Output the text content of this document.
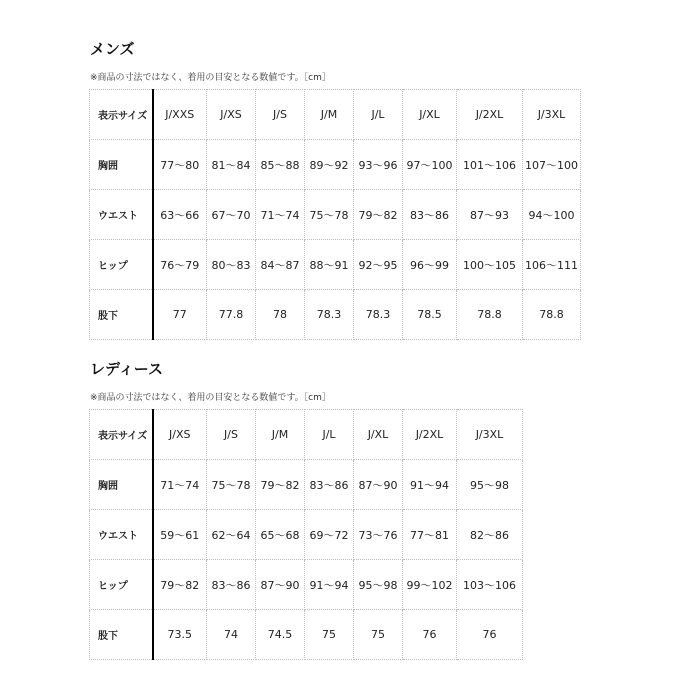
メンズ
※商品の寸法ではなく、着用の目安となる数値です。［cm］
表示サイズ	J/XXS	J/XS	J/S	J/M	J/L	J/XL	J/2XL	J/3XL
胸囲	77〜80	81〜84	85〜88	89〜92	93〜96	97〜100	101〜106	107〜100
ウエスト	63〜66	67〜70	71〜74	75〜78	79〜82	83〜86	87〜93	94〜100
ヒップ	76〜79	80〜83	84〜87	88〜91	92〜95	96〜99	100〜105	106〜111
股下	77	77.8	78	78.3	78.3	78.5	78.8	78.8
レディース
※商品の寸法ではなく、着用の目安となる数値です。［cm］
表示サイズ	J/XS	J/S	J/M	J/L	J/XL	J/2XL	J/3XL
胸囲	71〜74	75〜78	79〜82	83〜86	87〜90	91〜94	95〜98
ウエスト	59〜61	62〜64	65〜68	69〜72	73〜76	77〜81	82〜86
ヒップ	79〜82	83〜86	87〜90	91〜94	95〜98	99〜102	103〜106
股下	73.5	74	74.5	75	75	76	76
